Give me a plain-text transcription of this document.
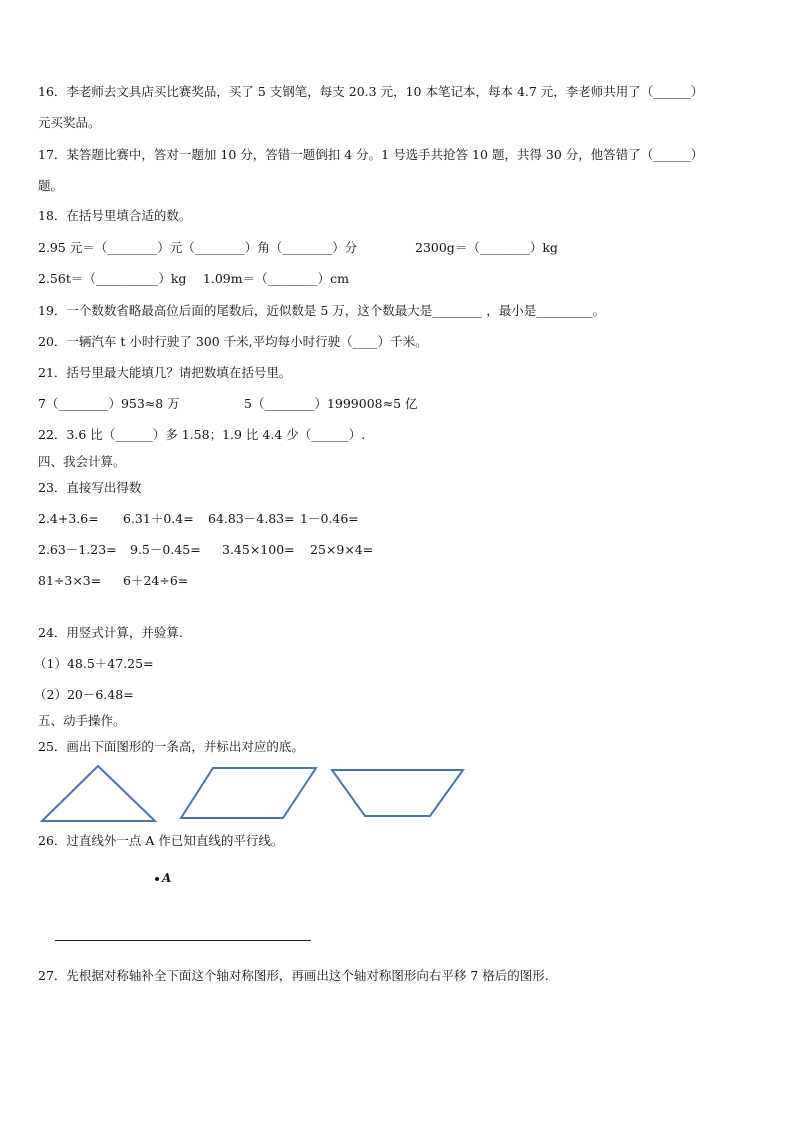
16．李老师去文具店买比赛奖品，买了 5 支钢笔，每支 20.3 元，10 本笔记本，每本 4.7 元，李老师共用了（______）
元买奖品。
17．某答题比赛中，答对一题加 10 分，答错一题倒扣 4 分。1 号选手共抢答 10 题，共得 30 分，他答错了（______）
题。
18．在括号里填合适的数。
2.95 元＝（________）元（________）角（________）分	2300g＝（________）kg
2.56t＝（__________）kg　 1.09m＝（________）cm
19．一个数数省略最高位后面的尾数后，近似数是 5 万，这个数最大是________ ，最小是_________。
20．一辆汽车 t 小时行驶了 300 千米,平均每小时行驶（____）千米。
21．括号里最大能填几？请把数填在括号里。
7（________）953≈8 万	5（________）1999008≈5 亿
22．3.6 比（______）多 1.58；1.9 比 4.4 少（______）.
四、我会计算。
23．直接写出得数
2.4+3.6= 6.31＋0.4= 64.83－4.83= 1－0.46=
2.63－1.23= 9.5－0.45= 3.45×100= 25×9×4=
81÷3×3= 6＋24÷6=
24．用竖式计算，并验算.
（1）48.5＋47.25=
（2）20－6.48=
五、动手操作。
25．画出下面图形的一条高，并标出对应的底。
26．过直线外一点 A 作已知直线的平行线。
A
27．先根据对称轴补全下面这个轴对称图形，再画出这个轴对称图形向右平移 7 格后的图形.
